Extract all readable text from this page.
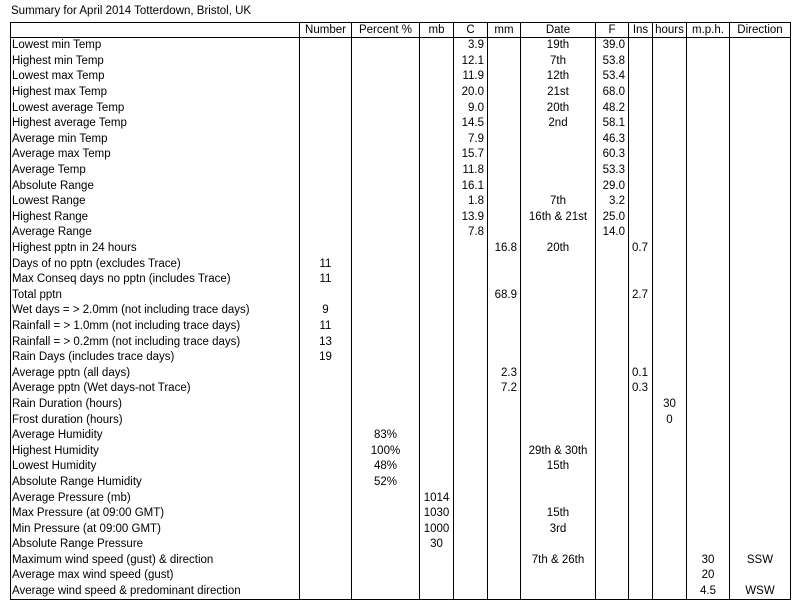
Summary for April 2014 Totterdown, Bristol, UK
	Number	Percent %	mb	C	mm	Date	F	Ins	hours	m.p.h.	Direction
Lowest min Temp				3.9		19th	39.0				
Highest min Temp				12.1		7th	53.8				
Lowest max Temp				11.9		12th	53.4				
Highest max Temp				20.0		21st	68.0				
Lowest average Temp				9.0		20th	48.2				
Highest average Temp				14.5		2nd	58.1				
Average min Temp				7.9			46.3				
Average max Temp				15.7			60.3				
Average Temp				11.8			53.3				
Absolute Range				16.1			29.0				
Lowest Range				1.8		7th	3.2				
Highest Range				13.9		16th & 21st	25.0				
Average Range				7.8			14.0				
Highest pptn in 24 hours					16.8	20th		0.7			
Days of no pptn (excludes Trace)	11										
Max Conseq days no pptn (includes Trace)	11										
Total pptn					68.9			2.7			
Wet days = > 2.0mm (not including trace days)	9										
Rainfall = > 1.0mm (not including trace days)	11										
Rainfall = > 0.2mm (not including trace days)	13										
Rain Days (includes trace days)	19										
Average pptn (all days)					2.3			0.1			
Average pptn (Wet days-not Trace)					7.2			0.3			
Rain Duration (hours)									30		
Frost duration (hours)									0		
Average Humidity		83%									
Highest Humidity		100%				29th & 30th					
Lowest Humidity		48%				15th					
Absolute Range Humidity		52%									
Average Pressure (mb)			1014								
Max Pressure (at 09:00 GMT)			1030			15th					
Min Pressure (at 09:00 GMT)			1000			3rd					
Absolute Range Pressure			30								
Maximum wind speed (gust) & direction						7th & 26th				30	SSW
Average max wind speed (gust)										20	
Average wind speed & predominant direction										4.5	WSW
